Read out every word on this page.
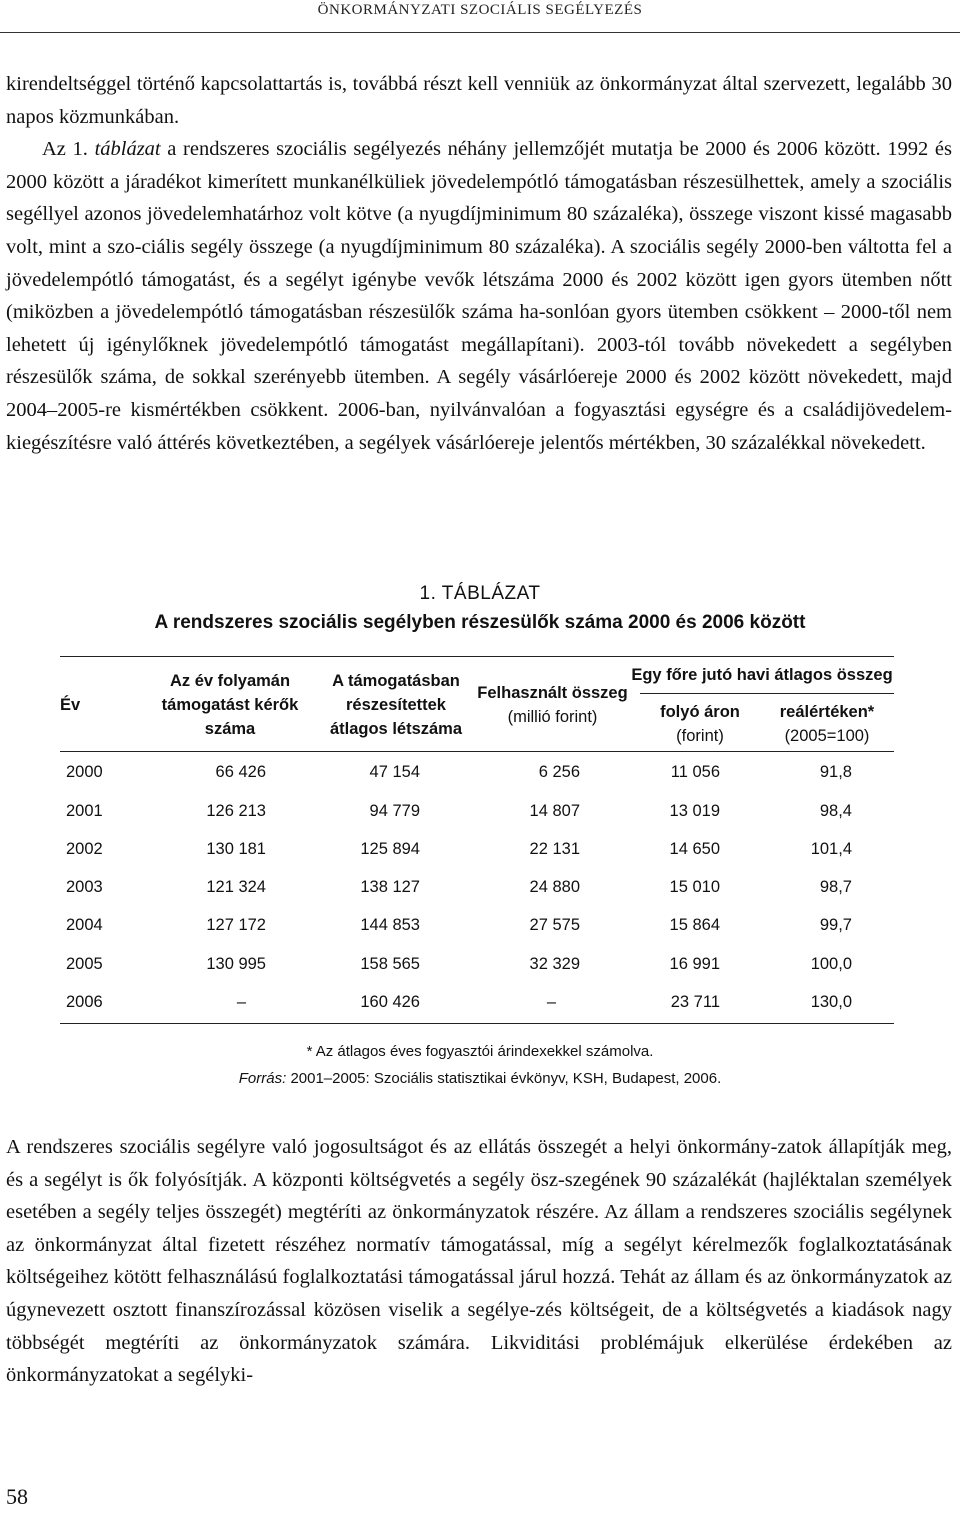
ÖNKORMÁNYZATI SZOCIÁLIS SEGÉLYEZÉS

kirendeltséggel történő kapcsolattartás is, továbbá részt kell venniük az önkormányzat által szervezett, legalább 30 napos közmunkában.
Az 1. táblázat a rendszeres szociális segélyezés néhány jellemzőjét mutatja be 2000 és 2006 között. 1992 és 2000 között a járadékot kimerített munkanélküliek jövedelempótló támogatásban részesülhettek, amely a szociális segéllyel azonos jövedelemhatárhoz volt kötve (a nyugdíjminimum 80 százaléka), összege viszont kissé magasabb volt, mint a szo-ciális segély összege (a nyugdíjminimum 80 százaléka). A szociális segély 2000-ben váltotta fel a jövedelempótló támogatást, és a segélyt igénybe vevők létszáma 2000 és 2002 között igen gyors ütemben nőtt (miközben a jövedelempótló támogatásban részesülők száma ha-sonlóan gyors ütemben csökkent – 2000-től nem lehetett új igénylőknek jövedelempótló támogatást megállapítani). 2003-tól tovább növekedett a segélyben részesülők száma, de sokkal szerényebb ütemben. A segély vásárlóereje 2000 és 2002 között növekedett, majd 2004–2005-re kismértékben csökkent. 2006-ban, nyilvánvalóan a fogyasztási egységre és a családijövedelem-kiegészítésre való áttérés következtében, a segélyek vásárlóereje jelentős mértékben, 30 százalékkal növekedett.

1. TÁBLÁZAT
A rendszeres szociális segélyben részesülők száma 2000 és 2006 között
Év
Az év folyamán támogatást kérők száma
A támogatásban részesítettek átlagos létszáma
Felhasznált összeg
(millió forint)
Egy főre jutó havi átlagos összeg
folyó áron
(forint)
reálértéken*
(2005=100)
2000	66 426	47 154	6 256	11 056	91,8
2001	126 213	94 779	14 807	13 019	98,4
2002	130 181	125 894	22 131	14 650	101,4
2003	121 324	138 127	24 880	15 010	98,7
2004	127 172	144 853	27 575	15 864	99,7
2005	130 995	158 565	32 329	16 991	100,0
2006	–	160 426	–	23 711	130,0
* Az átlagos éves fogyasztói árindexekkel számolva.
Forrás: 2001–2005: Szociális statisztikai évkönyv, KSH, Budapest, 2006.

A rendszeres szociális segélyre való jogosultságot és az ellátás összegét a helyi önkormány-zatok állapítják meg, és a segélyt is ők folyósítják. A központi költségvetés a segély ösz-szegének 90 százalékát (hajléktalan személyek esetében a segély teljes összegét) megtéríti az önkormányzatok részére. Az állam a rendszeres szociális segélynek az önkormányzat által fizetett részéhez normatív támogatással, míg a segélyt kérelmezők foglalkoztatásának költségeihez kötött felhasználású foglalkoztatási támogatással járul hozzá. Tehát az állam és az önkormányzatok az úgynevezett osztott finanszírozással közösen viselik a segélye-zés költségeit, de a költségvetés a kiadások nagy többségét megtéríti az önkormányzatok számára. Likviditási problémájuk elkerülése érdekében az önkormányzatokat a segélyki-

58
